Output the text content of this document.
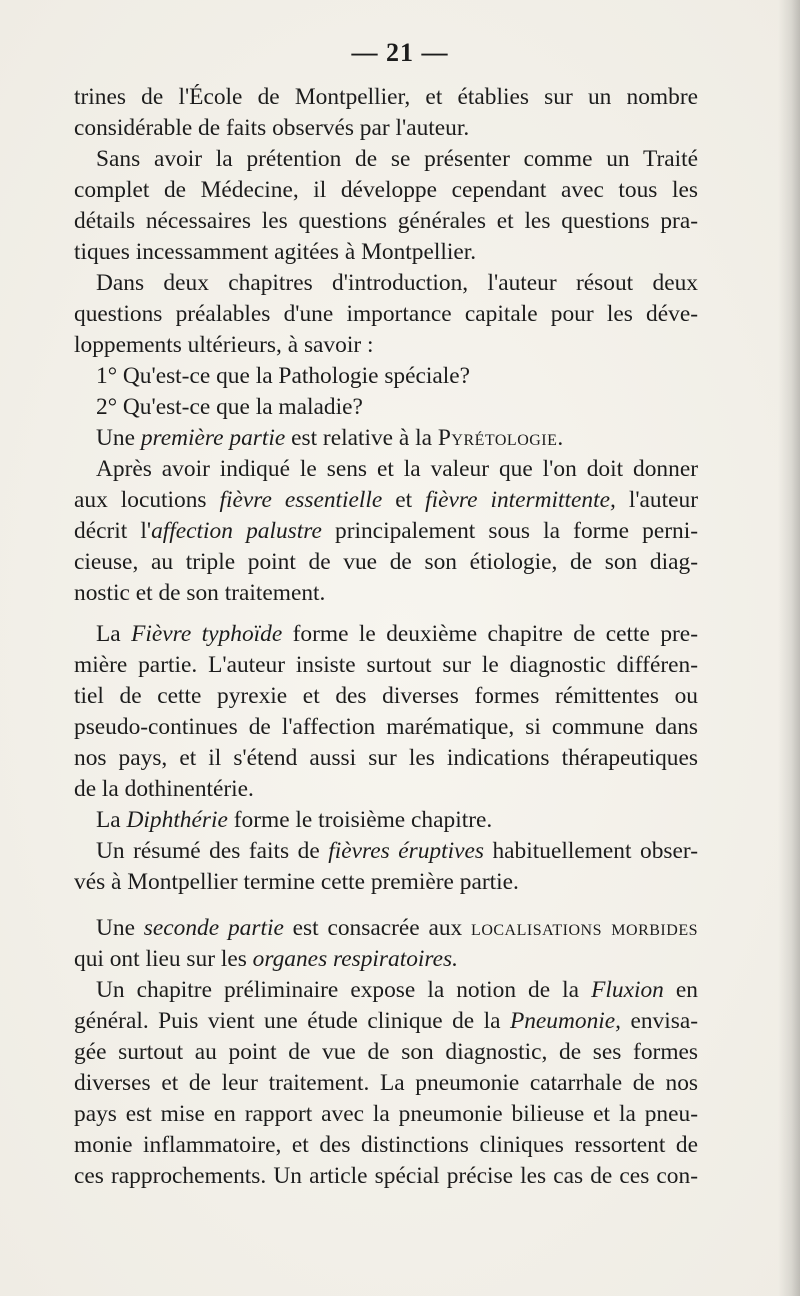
— 21 —
trines de l'École de Montpellier, et établies sur un nombre
considérable de faits observés par l'auteur.
Sans avoir la prétention de se présenter comme un Traité
complet de Médecine, il développe cependant avec tous les
détails nécessaires les questions générales et les questions pra-
tiques incessamment agitées à Montpellier.
Dans deux chapitres d'introduction, l'auteur résout deux
questions préalables d'une importance capitale pour les déve-
loppements ultérieurs, à savoir :
1° Qu'est-ce que la Pathologie spéciale?
2° Qu'est-ce que la maladie?
Une première partie est relative à la Pyrétologie.
Après avoir indiqué le sens et la valeur que l'on doit donner
aux locutions fièvre essentielle et fièvre intermittente, l'auteur
décrit l'affection palustre principalement sous la forme perni-
cieuse, au triple point de vue de son étiologie, de son diag-
nostic et de son traitement.
La Fièvre typhoïde forme le deuxième chapitre de cette pre-
mière partie. L'auteur insiste surtout sur le diagnostic différen-
tiel de cette pyrexie et des diverses formes rémittentes ou
pseudo-continues de l'affection marématique, si commune dans
nos pays, et il s'étend aussi sur les indications thérapeutiques
de la dothinentérie.
La Diphthérie forme le troisième chapitre.
Un résumé des faits de fièvres éruptives habituellement obser-
vés à Montpellier termine cette première partie.
Une seconde partie est consacrée aux localisations morbides
qui ont lieu sur les organes respiratoires.
Un chapitre préliminaire expose la notion de la Fluxion en
général. Puis vient une étude clinique de la Pneumonie, envisa-
gée surtout au point de vue de son diagnostic, de ses formes
diverses et de leur traitement. La pneumonie catarrhale de nos
pays est mise en rapport avec la pneumonie bilieuse et la pneu-
monie inflammatoire, et des distinctions cliniques ressortent de
ces rapprochements. Un article spécial précise les cas de ces con-
